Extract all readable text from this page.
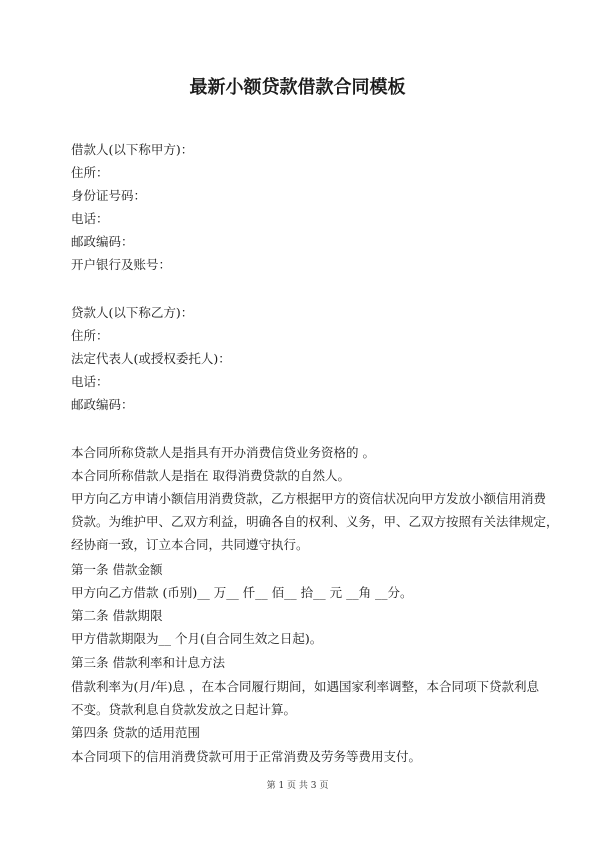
最新小额贷款借款合同模板
借款人(以下称甲方)：
住所：
身份证号码：
电话：
邮政编码：
开户银行及账号：
贷款人(以下称乙方)：
住所：
法定代表人(或授权委托人)：
电话：
邮政编码：
本合同所称贷款人是指具有开办消费信贷业务资格的 。
本合同所称借款人是指在 取得消费贷款的自然人。
甲方向乙方申请小额信用消费贷款，乙方根据甲方的资信状况向甲方发放小额信用消费
贷款。为维护甲、乙双方利益，明确各自的权利、义务，甲、乙双方按照有关法律规定，
经协商一致，订立本合同，共同遵守执行。
第一条 借款金额
甲方向乙方借款 (币别)__ 万__ 仟__ 佰__ 拾__ 元 __角 __分。
第二条 借款期限
甲方借款期限为__ 个月(自合同生效之日起)。
第三条 借款利率和计息方法
借款利率为(月/年)息 ，在本合同履行期间，如遇国家利率调整，本合同项下贷款利息
不变。贷款利息自贷款发放之日起计算。
第四条 贷款的适用范围
本合同项下的信用消费贷款可用于正常消费及劳务等费用支付。
第 1 页 共 3 页
